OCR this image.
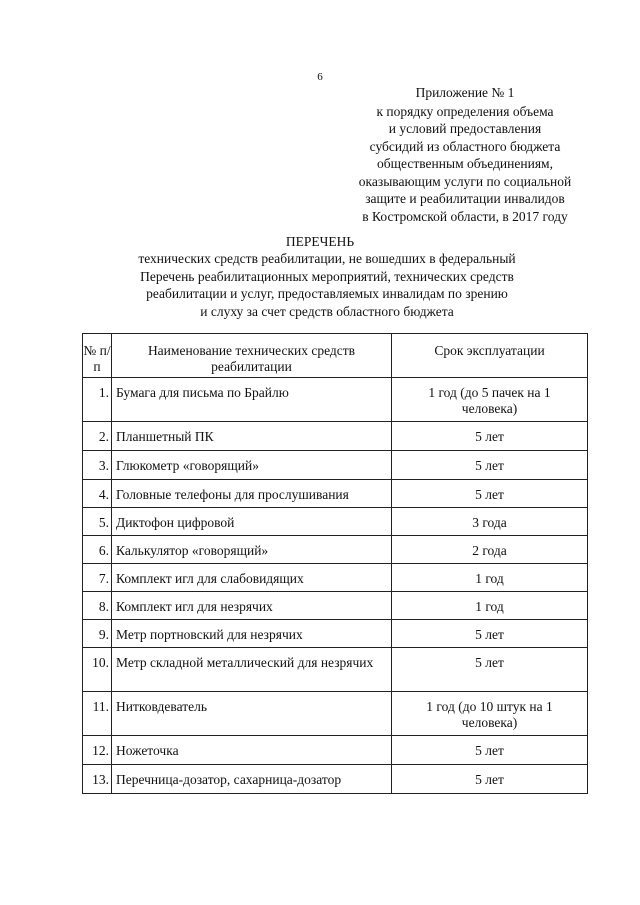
6
Приложение № 1
к порядку определения объема
и условий предоставления
субсидий из областного бюджета
общественным объединениям,
оказывающим услуги по социальной
защите и реабилитации инвалидов
в Костромской области, в 2017 году
ПЕРЕЧЕНЬ
технических средств реабилитации, не вошедших в федеральный
Перечень реабилитационных мероприятий, технических средств
реабилитации и услуг, предоставляемых инвалидам по зрению
и слуху за счет средств областного бюджета
№ п/п	Наименование технических средств реабилитации	Срок эксплуатации
1.	Бумага для письма по Брайлю	1 год (до 5 пачек на 1 человека)
2.	Планшетный ПК	5 лет
3.	Глюкометр «говорящий»	5 лет
4.	Головные телефоны для прослушивания	5 лет
5.	Диктофон цифровой	3 года
6.	Калькулятор «говорящий»	2 года
7.	Комплект игл для слабовидящих	1 год
8.	Комплект игл для незрячих	1 год
9.	Метр портновский для незрячих	5 лет
10.	Метр складной металлический для незрячих	5 лет
11.	Нитковдеватель	1 год (до 10 штук на 1 человека)
12.	Ножеточка	5 лет
13.	Перечница-дозатор, сахарница-дозатор	5 лет
